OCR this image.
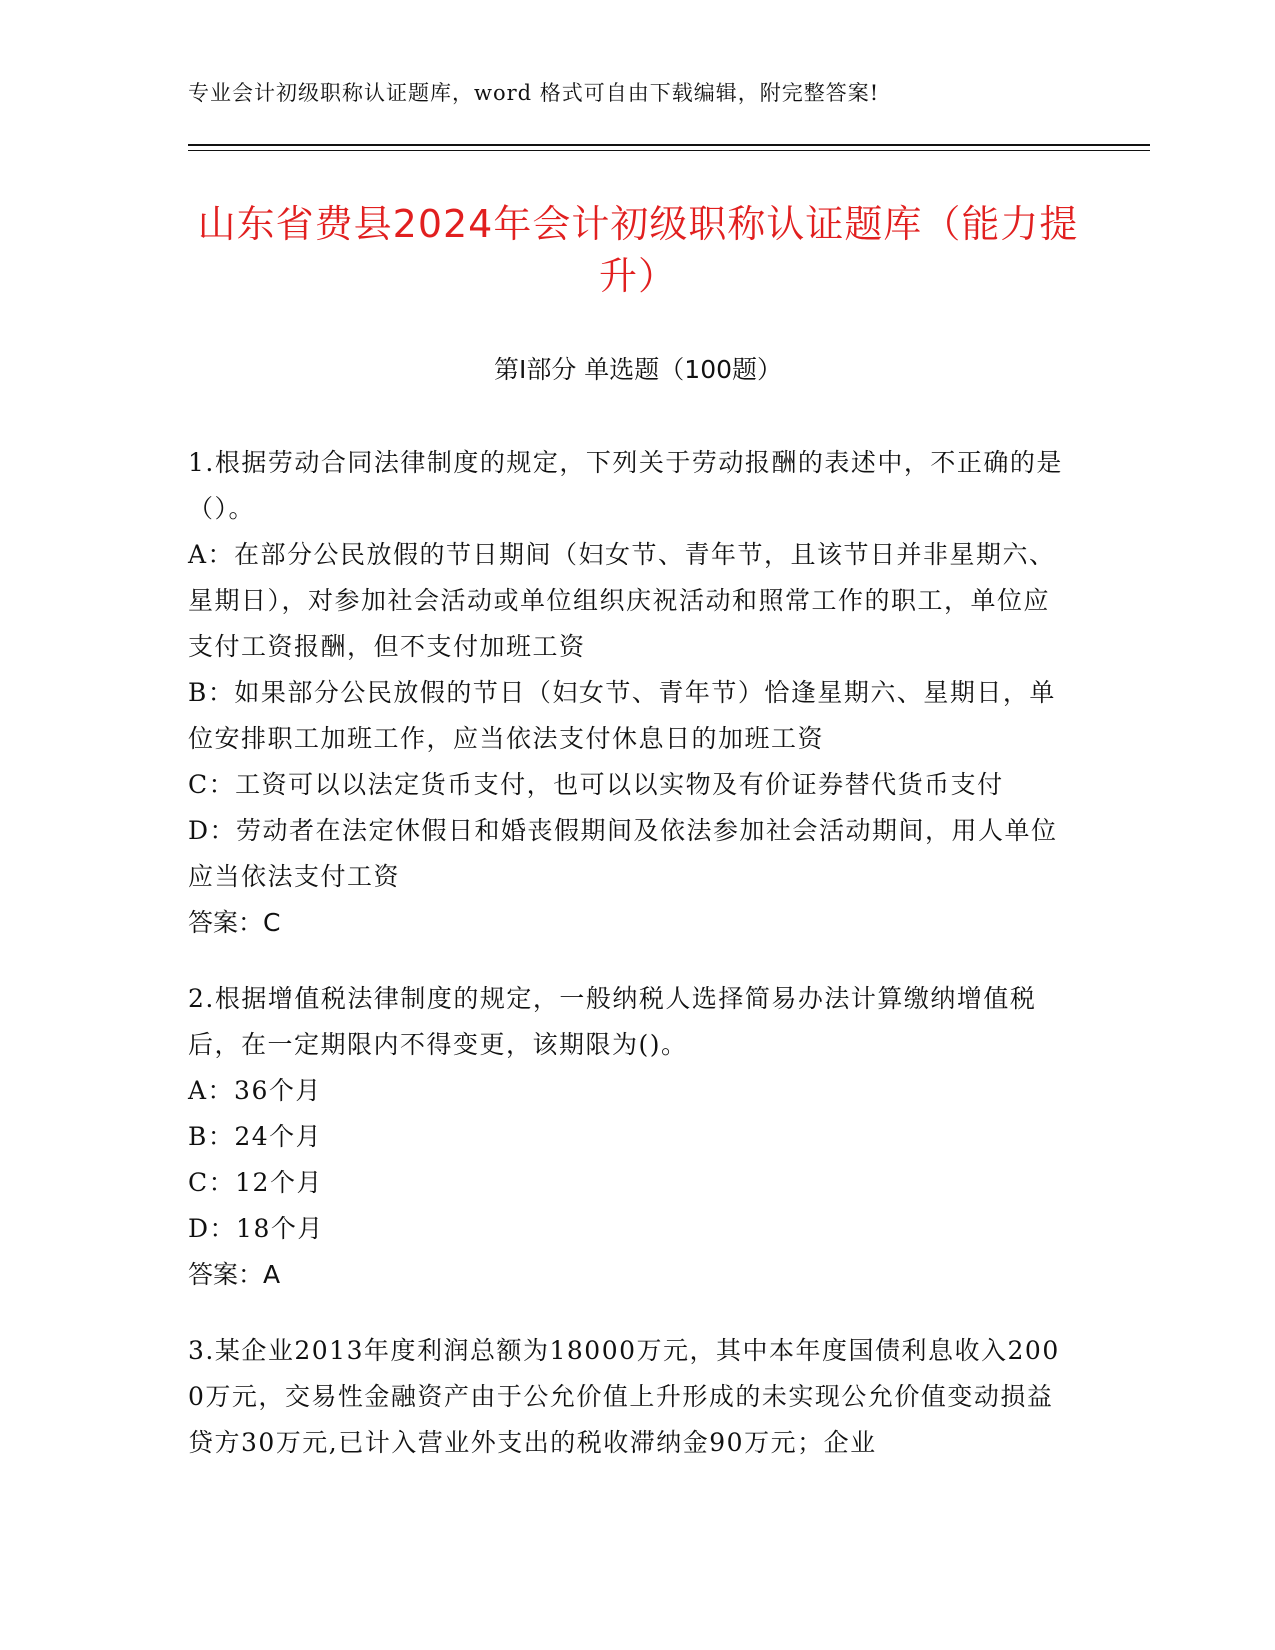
专业会计初级职称认证题库，word 格式可自由下载编辑，附完整答案!
山东省费县2024年会计初级职称认证题库（能力提升）
第Ⅰ部分 单选题（100题）
1.根据劳动合同法律制度的规定，下列关于劳动报酬的表述中，不正确的是（）。
A：在部分公民放假的节日期间（妇女节、青年节，且该节日并非星期六、星期日），对参加社会活动或单位组织庆祝活动和照常工作的职工，单位应支付工资报酬，但不支付加班工资
B：如果部分公民放假的节日（妇女节、青年节）恰逢星期六、星期日，单位安排职工加班工作，应当依法支付休息日的加班工资
C：工资可以以法定货币支付，也可以以实物及有价证券替代货币支付
D：劳动者在法定休假日和婚丧假期间及依法参加社会活动期间，用人单位应当依法支付工资
答案：C
2.根据增值税法律制度的规定，一般纳税人选择简易办法计算缴纳增值税后，在一定期限内不得变更，该期限为()。
A：36个月
B：24个月
C：12个月
D：18个月
答案：A
3.某企业2013年度利润总额为18000万元，其中本年度国债利息收入2000万元，交易性金融资产由于公允价值上升形成的未实现公允价值变动损益贷方30万元,已计入营业外支出的税收滞纳金90万元；企业
